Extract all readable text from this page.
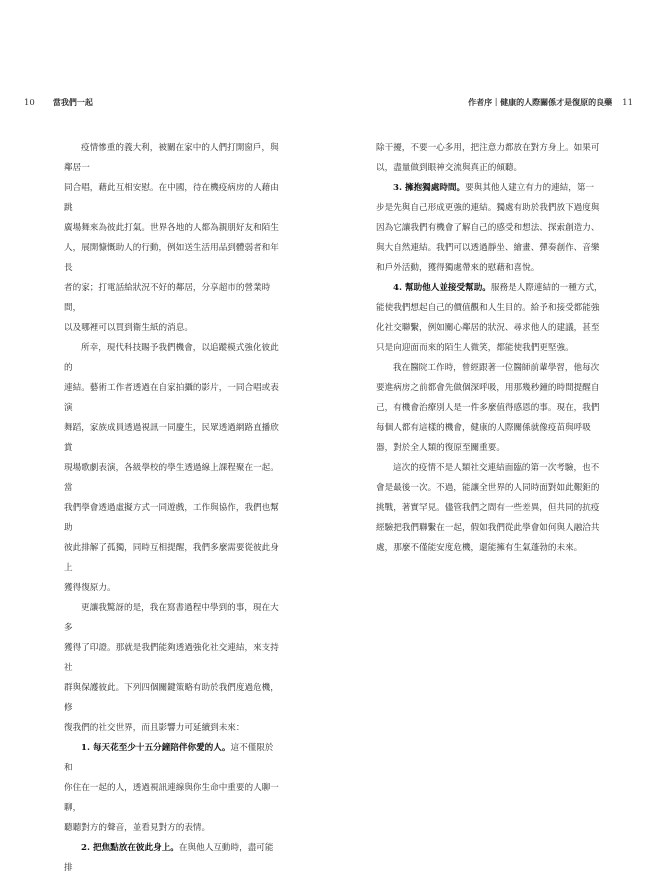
10 當我們一起

疫情慘重的義大利，被關在家中的人們打開窗戶，與鄰居一
同合唱，藉此互相安慰。在中國，待在機疫病房的人藉由跳
廣場舞來為彼此打氣。世界各地的人都為親朋好友和陌生
人，展開慷慨助人的行動，例如送生活用品到體弱者和年長
者的家；打電話給狀況不好的鄰居，分享超市的營業時間，
以及哪裡可以買到衛生紙的消息。

所幸，現代科技賜予我們機會，以追蹤模式強化彼此的
連結。藝術工作者透過在自家拍攝的影片，一同合唱或表演
舞蹈，家族成員透過視訊一同慶生，民眾透過網路直播欣賞
現場歌劇表演，各級學校的學生透過線上課程聚在一起。當
我們學會透過虛擬方式一同遊戲，工作與協作，我們也幫助
彼此排解了孤獨，同時互相提醒，我們多麼需要從彼此身上
獲得復原力。

更讓我驚訝的是，我在寫書過程中學到的事，現在大多
獲得了印證。那就是我們能夠透過強化社交連結，來支持社
群與保護彼此。下列四個關鍵策略有助於我們度過危機，修
復我們的社交世界，而且影響力可延續到未來：

1. 每天花至少十五分鐘陪伴你愛的人。這不僅限於和
你住在一起的人，透過視訊連線與你生命中重要的人聊一聊，
聽聽對方的聲音，並看見對方的表情。

2. 把焦點放在彼此身上。在與他人互動時，盡可能排

作者序｜健康的人際關係才是復原的良藥 11

除干擾，不要一心多用，把注意力都放在對方身上。如果可
以，盡量做到眼神交流與真正的傾聽。

3. 擁抱獨處時間。要與其他人建立有力的連結，第一
步是先與自己形成更強的連結。獨處有助於我們放下過度與
因為它讓我們有機會了解自己的感受和想法、探索創造力、
與大自然連結。我們可以透過靜坐、繪畫、彈奏創作、音樂
和戶外活動，獲得獨處帶來的慰藉和喜悅。

4. 幫助他人並接受幫助。服務是人際連結的一種方式，
能使我們想起自己的價值觀和人生目的。給予和接受都能強
化社交聯繫，例如關心鄰居的狀況、尋求他人的建議，甚至
只是向迎面而來的陌生人微笑，都能使我們更堅強。

我在醫院工作時，曾經跟著一位醫師前輩學習，他每次
要進病房之前都會先做個深呼吸，用那幾秒鐘的時間提醒自
己，有機會治療別人是一件多麼值得感恩的事。現在，我們
每個人都有這樣的機會，健康的人際關係就像疫苗與呼吸
器，對於全人類的復原至關重要。

這次的疫情不是人類社交連結面臨的第一次考驗，也不
會是最後一次。不過，能讓全世界的人同時面對如此艱鉅的
挑戰，著實罕見。儘管我們之間有一些差異，但共同的抗疫
經驗把我們聯繫在一起，假如我們從此學會如何與人融洽共
處，那麼不僅能安度危機，還能擁有生氣蓬勃的未來。
